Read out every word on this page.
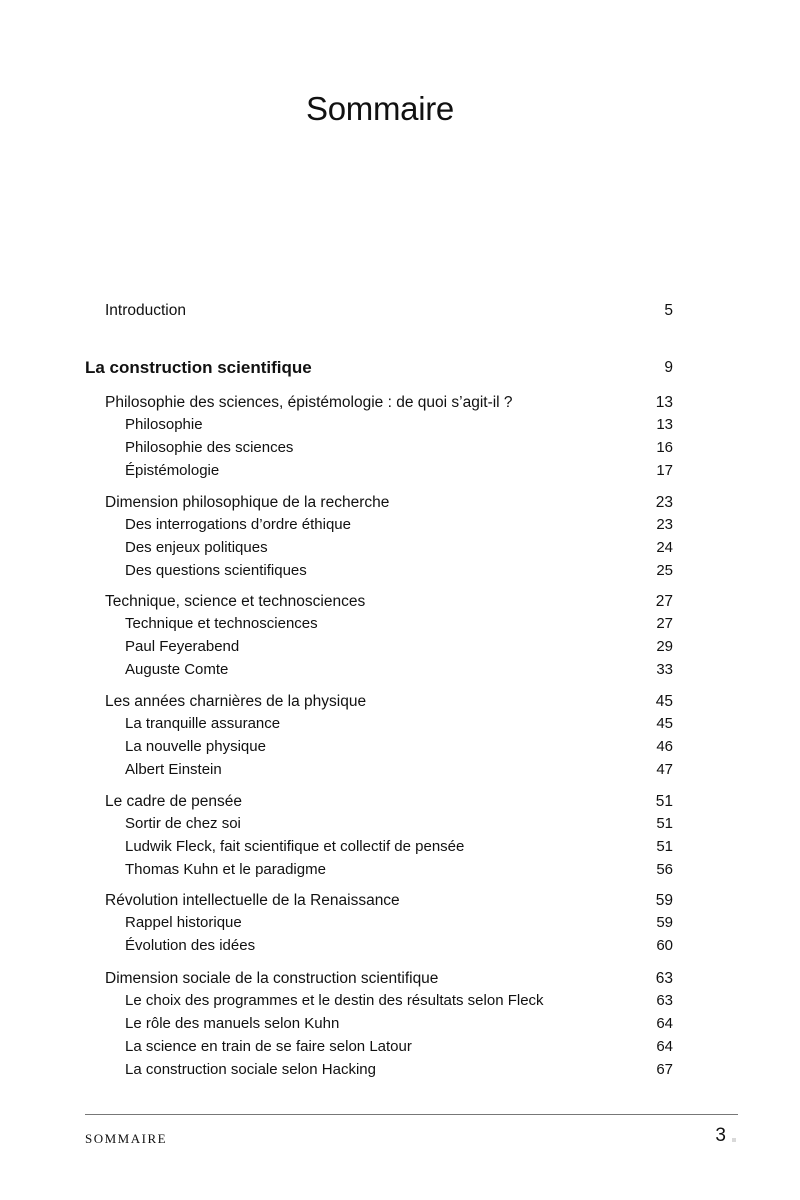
Sommaire
Introduction	5
La construction scientifique	9
Philosophie des sciences, épistémologie : de quoi s’agit-il ?	13
Philosophie	13
Philosophie des sciences	16
Épistémologie	17
Dimension philosophique de la recherche	23
Des interrogations d’ordre éthique	23
Des enjeux politiques	24
Des questions scientifiques	25
Technique, science et technosciences	27
Technique et technosciences	27
Paul Feyerabend	29
Auguste Comte	33
Les années charnières de la physique	45
La tranquille assurance	45
La nouvelle physique	46
Albert Einstein	47
Le cadre de pensée	51
Sortir de chez soi	51
Ludwik Fleck, fait scientifique et collectif de pensée	51
Thomas Kuhn et le paradigme	56
Révolution intellectuelle de la Renaissance	59
Rappel historique	59
Évolution des idées	60
Dimension sociale de la construction scientifique	63
Le choix des programmes et le destin des résultats selon Fleck	63
Le rôle des manuels selon Kuhn	64
La science en train de se faire selon Latour	64
La construction sociale selon Hacking	67
SOMMAIRE	3
